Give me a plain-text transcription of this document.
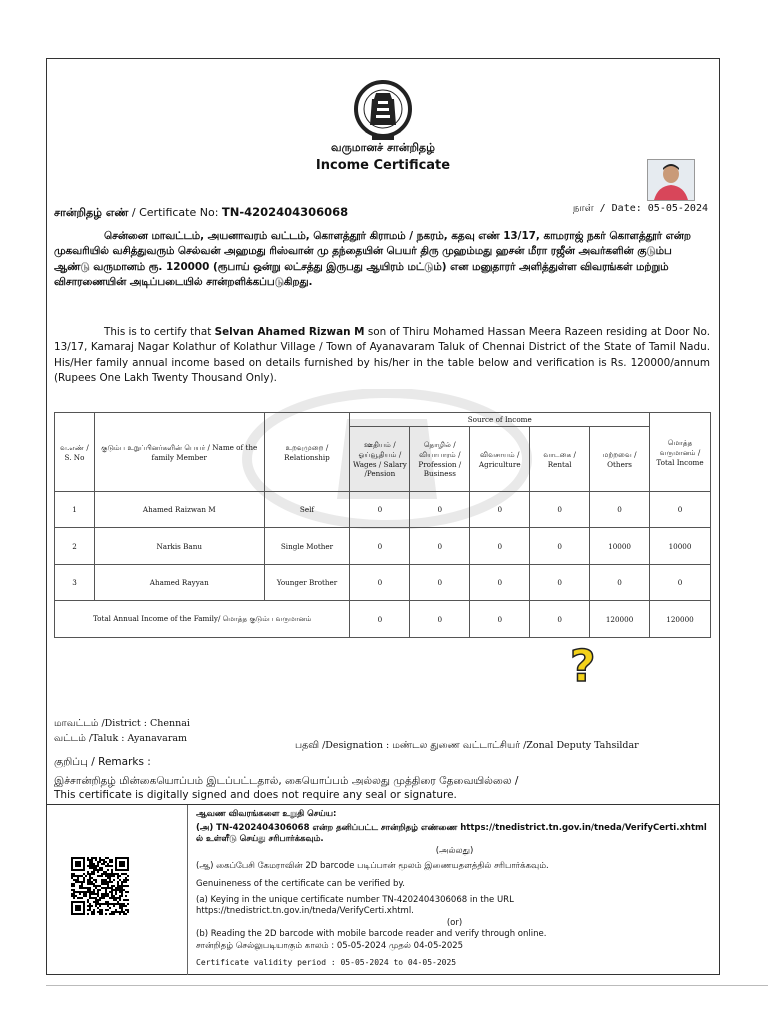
வருமானச் சான்றிதழ்
Income Certificate
சான்றிதழ் எண் / Certificate No: TN-4202404306068	நாள் / Date: 05-05-2024
சென்னை மாவட்டம், அயனாவரம் வட்டம், கொளத்தூர் கிராமம் / நகரம், கதவு எண் 13/17, காமராஜ் நகர் கொளத்தூர் என்ற முகவரியில் வசித்துவரும் செல்வன் அஹமது ரிஸ்வான் மு தந்தையின் பெயர் திரு முஹம்மது ஹசன் மீரா ரஜீன் அவர்களின் குடும்ப ஆண்டு வருமானம் ரூ. 120000 (ரூபாய் ஒன்று லட்சத்து இருபது ஆயிரம் மட்டும்) என மனுதாரர் அளித்துள்ள விவரங்கள் மற்றும் விசாரணையின் அடிப்படையில் சான்றளிக்கப்படுகிறது.
This is to certify that Selvan Ahamed Rizwan M son of Thiru Mohamed Hassan Meera Razeen residing at Door No. 13/17, Kamaraj Nagar Kolathur of Kolathur Village / Town of Ayanavaram Taluk of Chennai District of the State of Tamil Nadu. His/Her family annual income based on details furnished by his/her in the table below and verification is Rs. 120000/annum (Rupees One Lakh Twenty Thousand Only).
வ.எண் / S. No	குடும்ப உறுப்பினர்களின் பெயர் / Name of the family Member	உறவுமுறை / Relationship	Source of Income					மொத்த வருமானம் / Total Income
			ஊதியம் / ஓய்வூதியம் / Wages / Salary /Pension	தொழில் / வியாபாரம் / Profession / Business	விவசாயம் / Agriculture	வாடகை / Rental	மற்றவை / Others	
1	Ahamed Raizwan M	Self	0	0	0	0	0	0
2	Narkis Banu	Single Mother	0	0	0	0	10000	10000
3	Ahamed Rayyan	Younger Brother	0	0	0	0	0	0
Total Annual Income of the Family/ மொத்த குடும்ப வருமானம்			0	0	0	0	120000	120000
?
மாவட்டம் /District : Chennai
வட்டம் /Taluk : Ayanavaram
பதவி /Designation : மண்டல துணை வட்டாட்சியர் /Zonal Deputy Tahsildar
குறிப்பு / Remarks :
இச்சான்றிதழ் மின்கையொப்பம் இடப்பட்டதால், கையொப்பம் அல்லது முத்திரை தேவையில்லை /
This certificate is digitally signed and does not require any seal or signature.

ஆவண விவரங்களை உறுதி செய்ய:

(அ) TN-4202404306068 என்ற தனிப்பட்ட சான்றிதழ் எண்ணை https://tnedistrict.tn.gov.in/tneda/VerifyCerti.xhtml ல் உள்ளீடு செய்து சரிபார்க்கவும்.

(அல்லது)

(ஆ) கைப்பேசி கேமராவின் 2D barcode படிப்பான் மூலம் இணையதளத்தில் சரிபார்க்கவும்.

Genuineness of the certificate can be verified by.

(a) Keying in the unique certificate number TN-4202404306068 in the URL https://tnedistrict.tn.gov.in/tneda/VerifyCerti.xhtml.

(or)

(b) Reading the 2D barcode with mobile barcode reader and verify through online.

சான்றிதழ் செல்லுபடியாகும் காலம் : 05-05-2024 முதல் 04-05-2025

Certificate validity period : 05-05-2024 to 04-05-2025
